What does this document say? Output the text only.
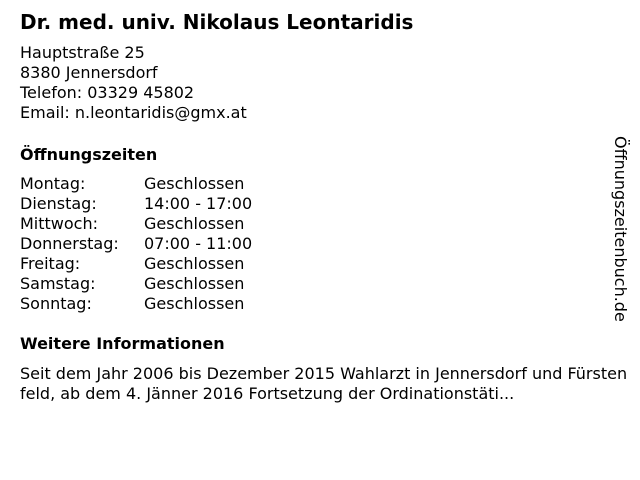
Dr. med. univ. Nikolaus Leontaridis
Hauptstraße 25
8380 Jennersdorf
Telefon: 03329 45802
Email: n.leontaridis@gmx.at
Öffnungszeiten
Montag:	Geschlossen
Dienstag:	14:00 - 17:00
Mittwoch:	Geschlossen
Donnerstag:	07:00 - 11:00
Freitag:	Geschlossen
Samstag:	Geschlossen
Sonntag:	Geschlossen
Weitere Informationen
Seit dem Jahr 2006 bis Dezember 2015 Wahlarzt in Jennersdorf und Fürstenfeld, ab dem 4. Jänner 2016 Fortsetzung der Ordinationstäti...
Öffnungszeitenbuch.de
